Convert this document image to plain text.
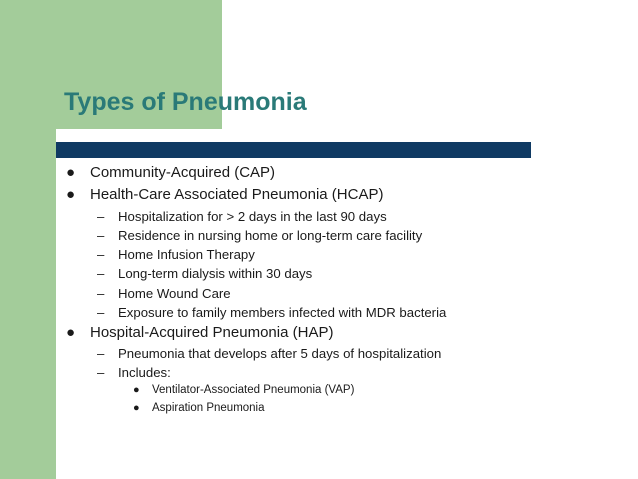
Types of Pneumonia
● Community-Acquired (CAP)
● Health-Care Associated Pneumonia (HCAP)
– Hospitalization for > 2 days in the last 90 days
– Residence in nursing home or long-term care facility
– Home Infusion Therapy
– Long-term dialysis within 30 days
– Home Wound Care
– Exposure to family members infected with MDR bacteria
● Hospital-Acquired Pneumonia (HAP)
– Pneumonia that develops after 5 days of hospitalization
– Includes:
● Ventilator-Associated Pneumonia (VAP)
● Aspiration Pneumonia
